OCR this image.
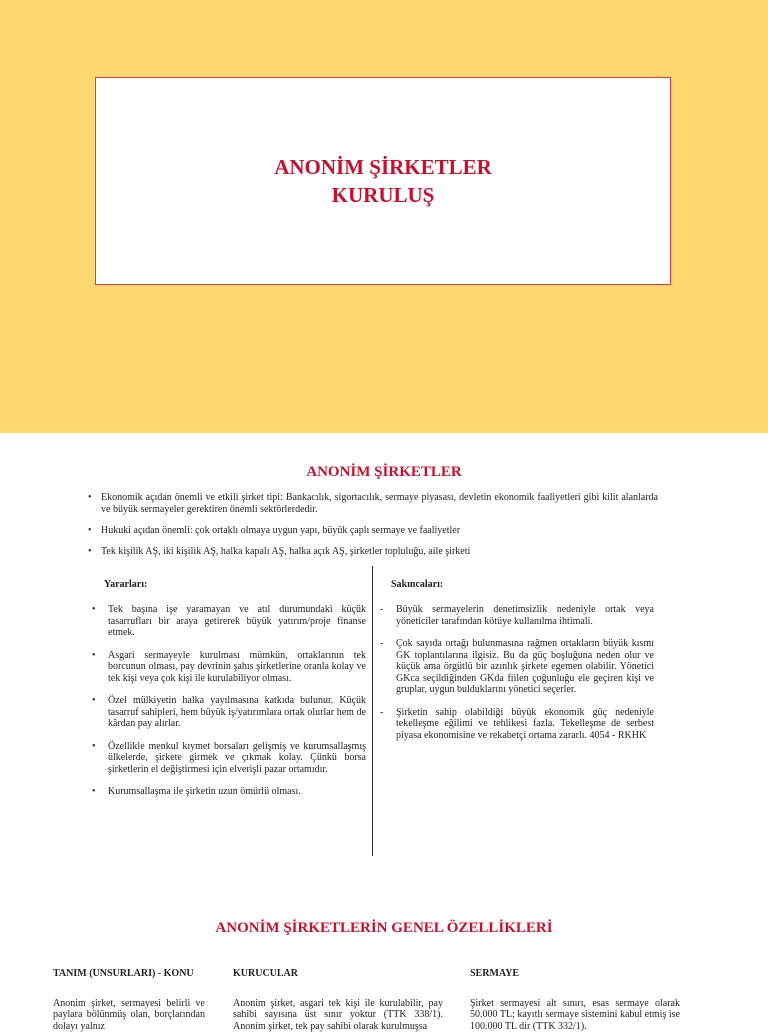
ANONİM ŞİRKETLER
KURULUŞ
ANONİM ŞİRKETLER
• Ekonomik açıdan önemli ve etkili şirket tipi: Bankacılık, sigortacılık, sermaye piyasası, devletin ekonomik faaliyetleri gibi kilit alanlarda ve büyük sermayeler gerektiren önemli sektörlerdedir.
• Hukuki açıdan önemli: çok ortaklı olmaya uygun yapı, büyük çaplı sermaye ve faaliyetler
• Tek kişilik AŞ, iki kişilik AŞ, halka kapalı AŞ, halka açık AŞ, şirketler topluluğu, aile şirketi
Yararları:	Sakıncaları:
• Tek başına işe yaramayan ve atıl durumundaki küçük tasarrufları bir araya getirerek büyük yatırım/proje finanse etmek.
• Asgari sermayeyle kurulması mümkün, ortaklarının tek borcunun olması, pay devrinin şahıs şirketlerine oranla kolay ve tek kişi veya çok kişi ile kurulabiliyor olması.
• Özel mülkiyetin halka yayılmasına katkıda bulunur. Küçük tasarruf sahipleri, hem büyük iş/yatırımlara ortak olurlar hem de kârdan pay alırlar.
• Özellikle menkul kıymet borsaları gelişmiş ve kurumsallaşmış ülkelerde, şirkete girmek ve çıkmak kolay. Çünkü borsa şirketlerin el değiştirmesi için elverişli pazar ortamıdır.
• Kurumsallaşma ile şirketin uzun ömürlü olması.
- Büyük sermayelerin denetimsizlik nedeniyle ortak veya yöneticiler tarafından kötüye kullanılma ihtimali.
- Çok sayıda ortağı bulunmasına rağmen ortakların büyük kısmı GK toplantılarına ilgisiz. Bu da güç boşluğuna neden olur ve küçük ama örgütlü bir azınlık şirkete egemen olabilir. Yönetici GKca seçildiğinden GKda fiilen çoğunluğu ele geçiren kişi ve gruplar, uygun bulduklarını yönetici seçerler.
- Şirketin sahip olabildiği büyük ekonomik güç nedeniyle tekelleşme eğilimi ve tehlikesi fazla. Tekelleşme de serbest piyasa ekonomisine ve rekabetçi ortama zararlı. 4054 - RKHK
ANONİM ŞİRKETLERİN GENEL ÖZELLİKLERİ
TANIM (UNSURLARI) - KONU
Anonim şirket, sermayesi belirli ve paylara bölünmüş olan, borçlarından dolayı yalnız
KURUCULAR
Anonim şirket, asgari tek kişi ile kurulabilir, pay sahibi sayısına üst sınır yoktur (TTK 338/1). Anonim şirket, tek pay sahibi olarak kurulmuşsa
SERMAYE
Şirket sermayesi alt sınırı, esas sermaye olarak 50.000 TL; kayıtlı sermaye sistemini kabul etmiş ise 100.000 TL dir (TTK 332/1).
